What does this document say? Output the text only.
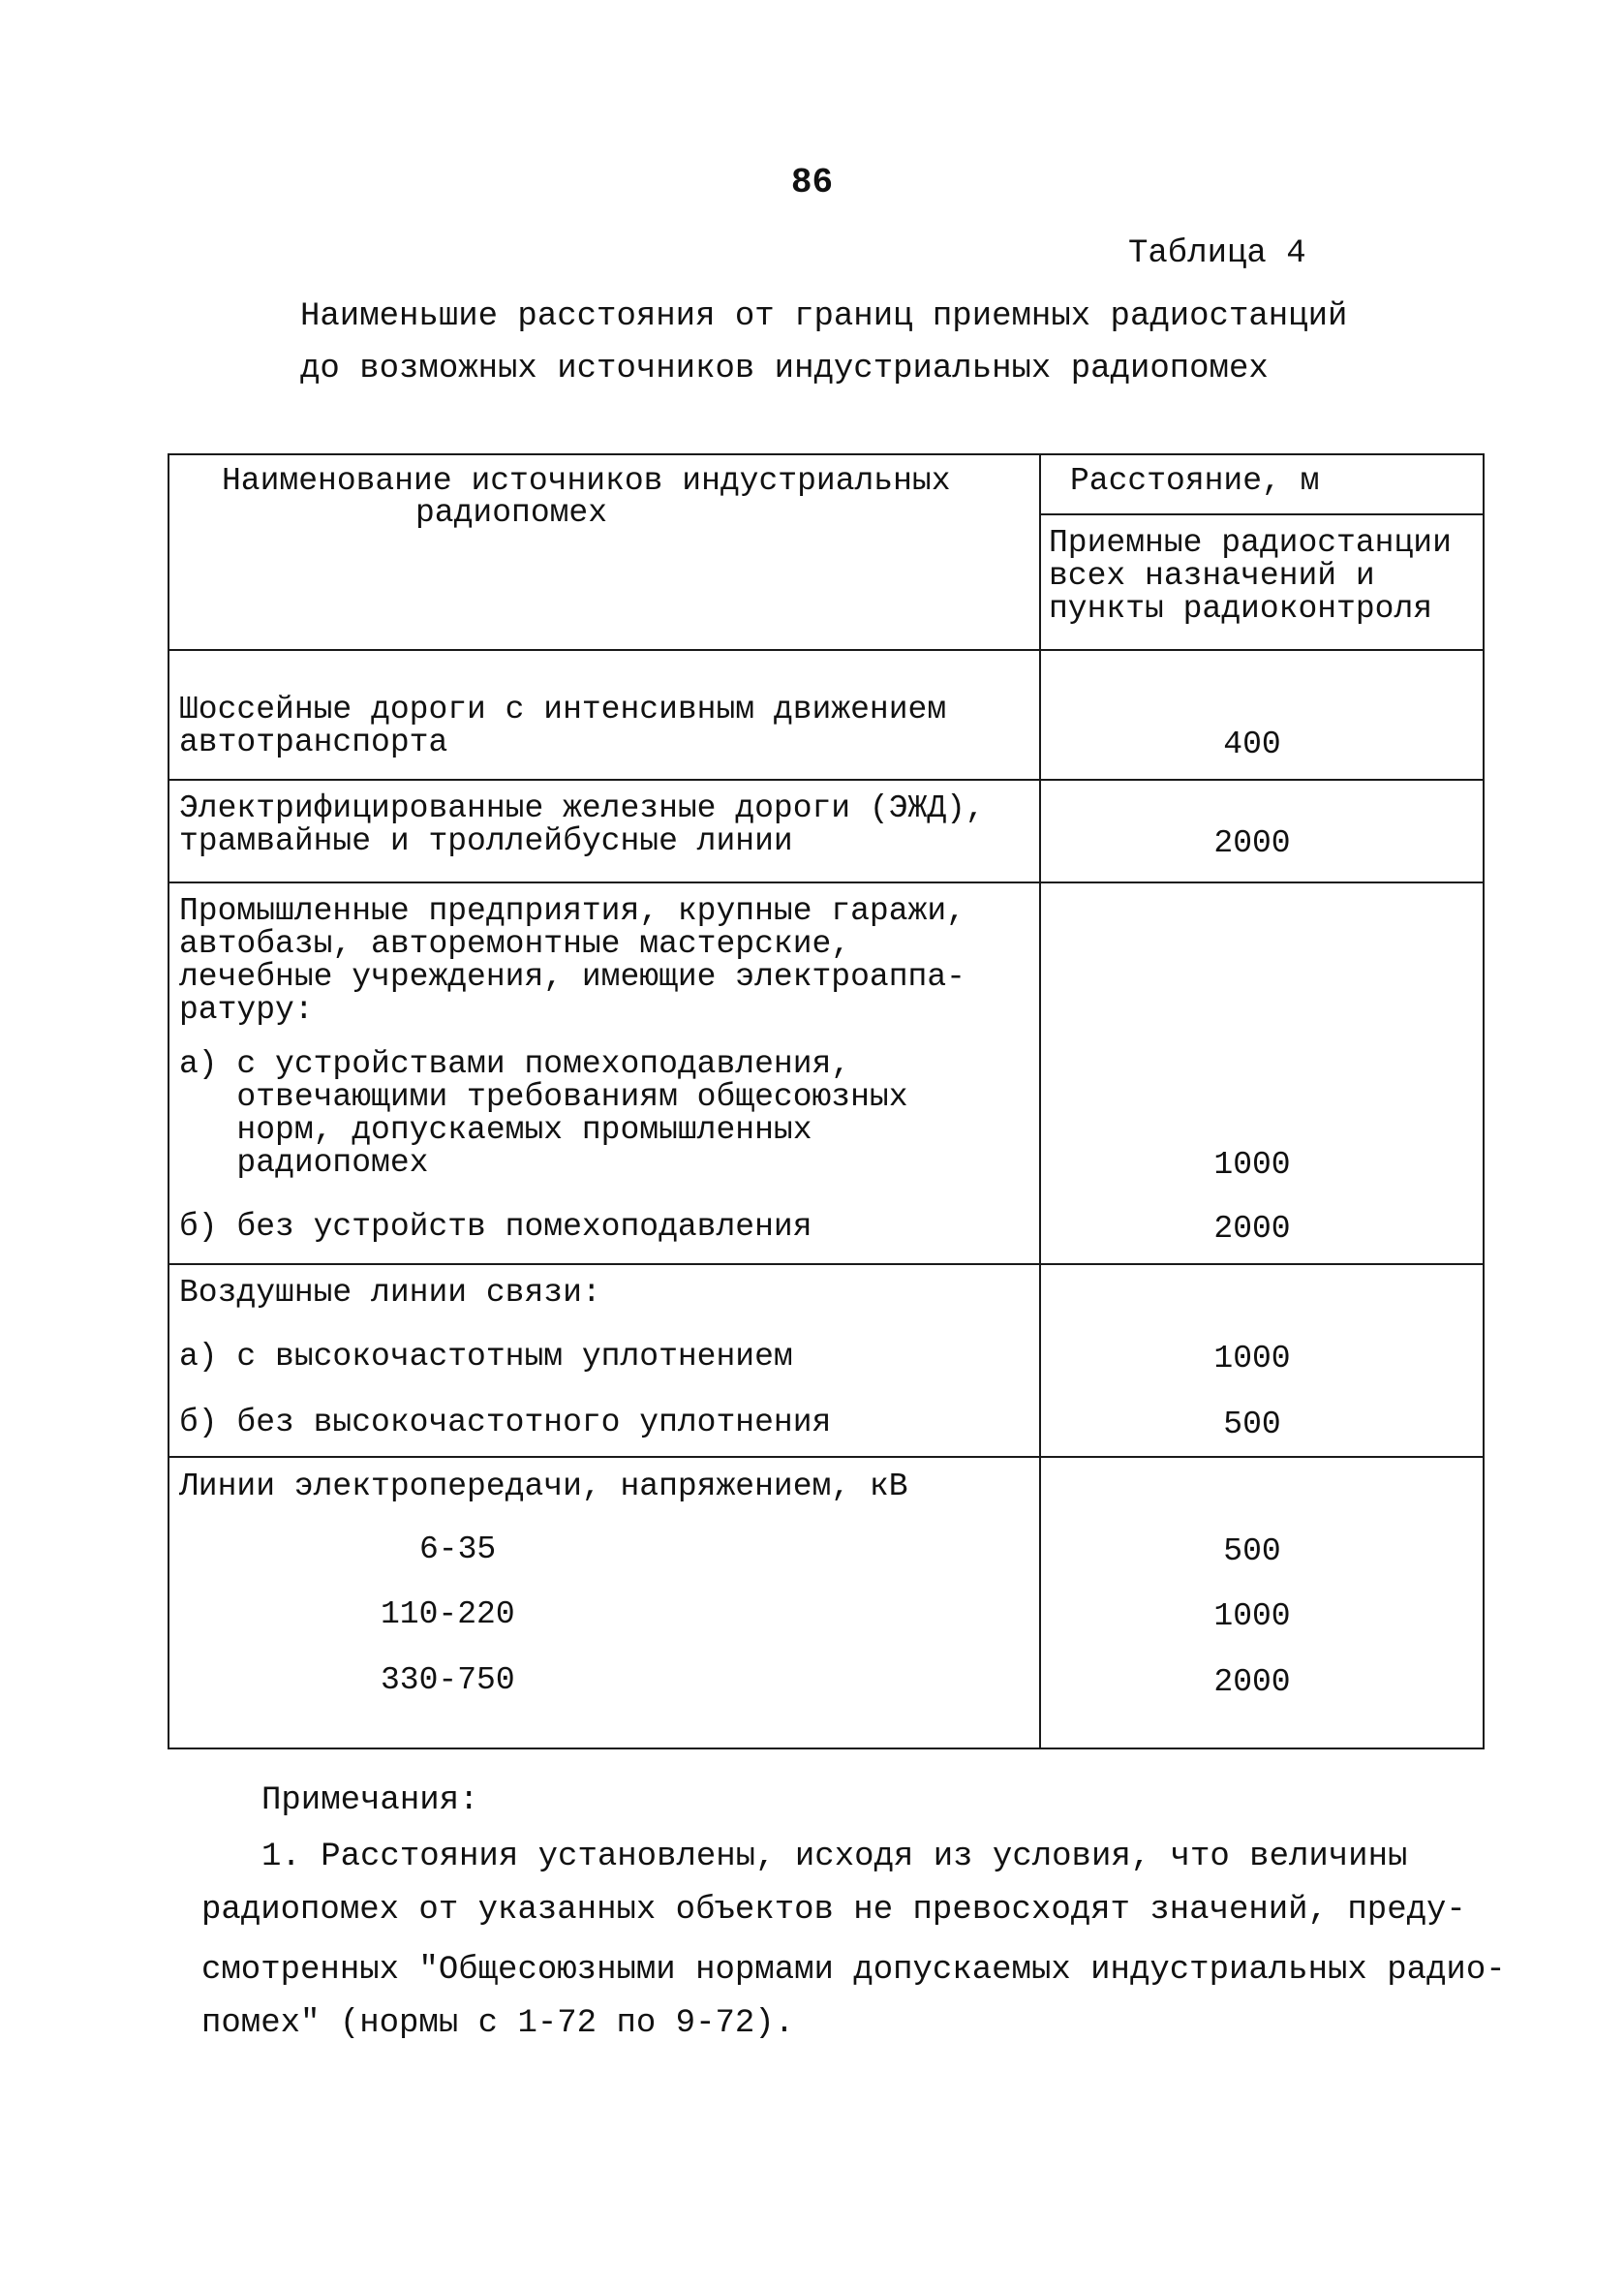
86
Таблица 4
Наименьшие расстояния от границ приемных радиостанций
до возможных источников индустриальных радиопомех
Наименование источников индустриальных
радиопомех
Расстояние, м
Приемные радиостанции
всех назначений и
пункты радиоконтроля
Шоссейные дороги с интенсивным движением
автотранспорта	400
Электрифицированные железные дороги (ЭЖД),
трамвайные и троллейбусные линии	2000
Промышленные предприятия, крупные гаражи,
автобазы, авторемонтные мастерские,
лечебные учреждения, имеющие электроаппа-
ратуру:
а) с устройствами помехоподавления,
отвечающими требованиям общесоюзных
норм, допускаемых промышленных
радиопомех	1000
б) без устройств помехоподавления	2000
Воздушные линии связи:
а) с высокочастотным уплотнением	1000
б) без высокочастотного уплотнения	500
Линии электропередачи, напряжением, кВ
6-35	500
110-220	1000
330-750	2000
Примечания:
1. Расстояния установлены, исходя из условия, что величины
радиопомех от указанных объектов не превосходят значений, преду-
смотренных "Общесоюзными нормами допускаемых индустриальных радио-
помех" (нормы с 1-72 по 9-72).
